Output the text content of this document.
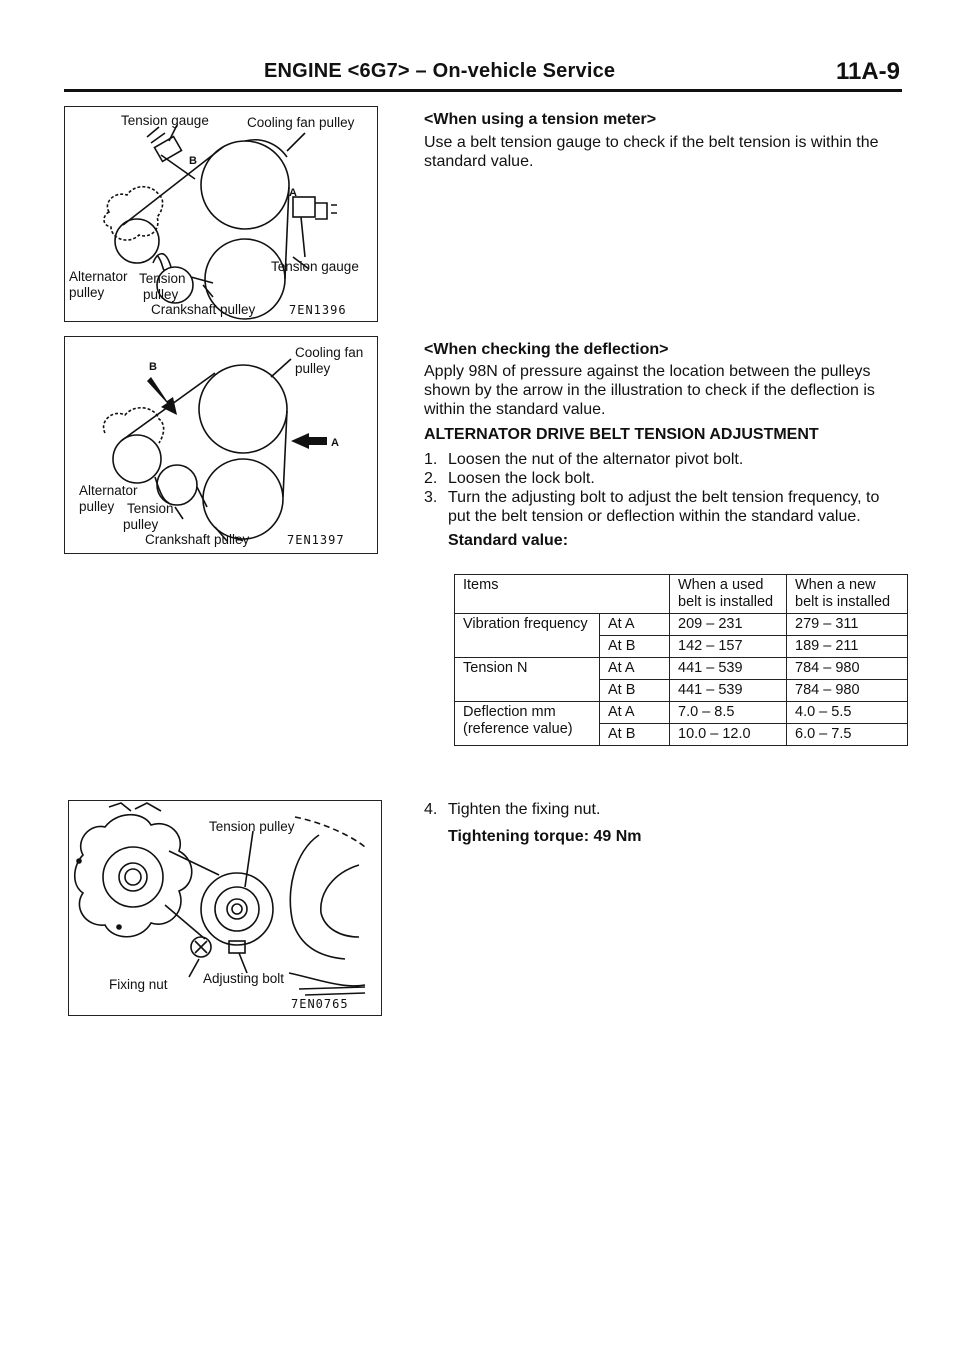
ENGINE <6G7> – On-vehicle Service	11A-9
Tension gauge	Cooling fan pulley
B
A
Tension gauge
Alternator
pulley
Tension
pulley
Crankshaft pulley	7EN1396
B
A
Cooling fan
pulley
Alternator
pulley Tension
pulley
Crankshaft pulley	7EN1397
Tension pulley
Fixing nut	Adjusting bolt
7EN0765
<When using a tension meter>
Use a belt tension gauge to check if the belt tension is within the standard value.
<When checking the deflection>
Apply 98N of pressure against the location between the pulleys shown by the arrow in the illustration to check if the deflection is within the standard value.
ALTERNATOR DRIVE BELT TENSION ADJUSTMENT
1. Loosen the nut of the alternator pivot bolt.
2. Loosen the lock bolt.
3. Turn the adjusting bolt to adjust the belt tension frequency, to put the belt tension or deflection within the standard value.
Standard value:
Items		When a used belt is installed	When a new belt is installed
Vibration frequency	At A	209 – 231	279 – 311
	At B	142 – 157	189 – 211
Tension N	At A	441 – 539	784 – 980
	At B	441 – 539	784 – 980
Deflection mm (reference value)	At A	7.0 – 8.5	4.0 – 5.5
	At B	10.0 – 12.0	6.0 – 7.5
4. Tighten the fixing nut.
Tightening torque: 49 Nm
